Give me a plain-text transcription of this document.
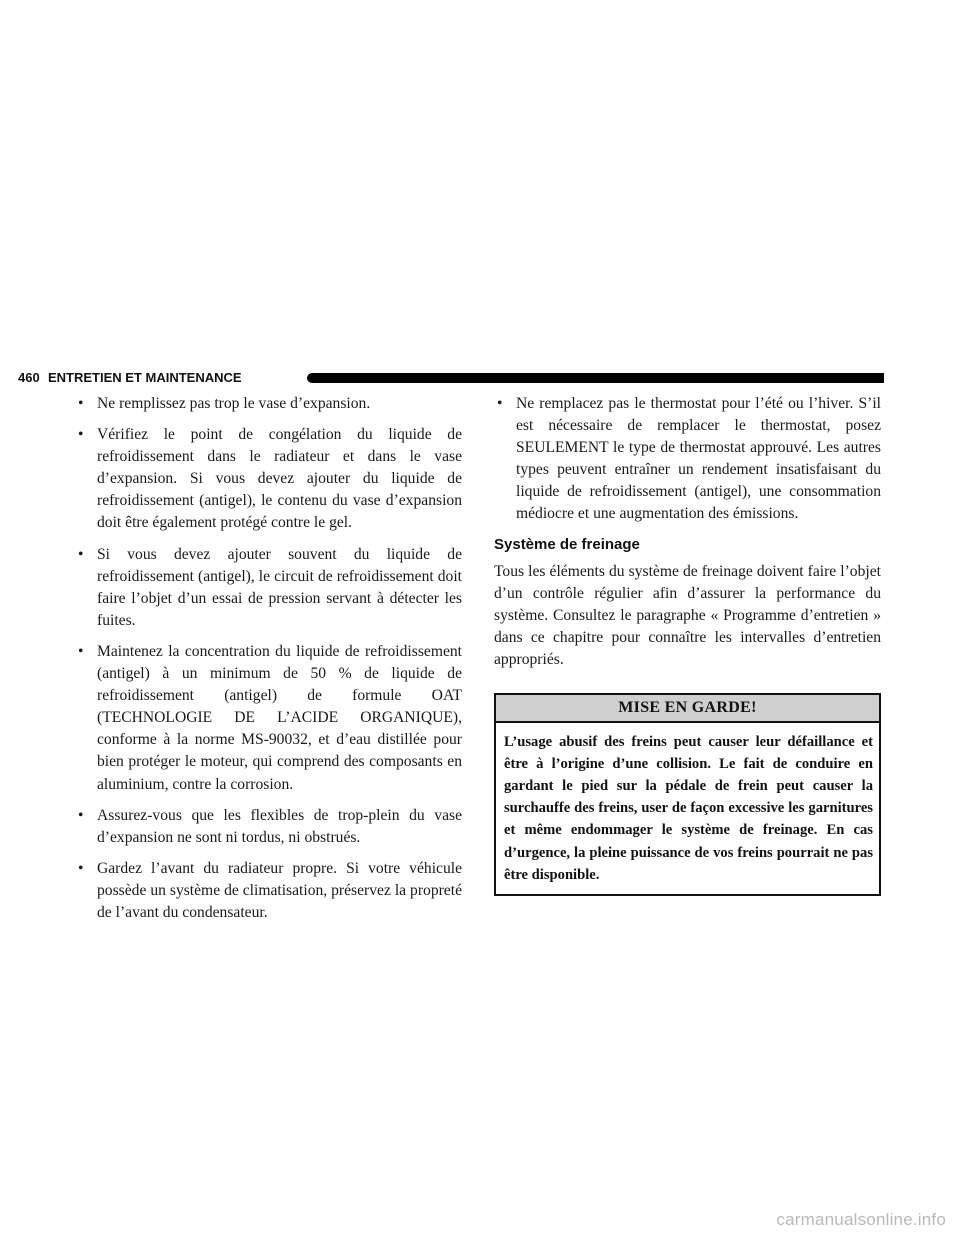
460 ENTRETIEN ET MAINTENANCE
• Ne remplissez pas trop le vase d’expansion.
• Vérifiez le point de congélation du liquide de refroidissement dans le radiateur et dans le vase d’expansion. Si vous devez ajouter du liquide de refroidissement (antigel), le contenu du vase d’expansion doit être également protégé contre le gel.
• Si vous devez ajouter souvent du liquide de refroidissement (antigel), le circuit de refroidissement doit faire l’objet d’un essai de pression servant à détecter les fuites.
• Maintenez la concentration du liquide de refroidissement (antigel) à un minimum de 50 % de liquide de refroidissement (antigel) de formule OAT (TECHNOLOGIE DE L’ACIDE ORGANIQUE), conforme à la norme MS-90032, et d’eau distillée pour bien protéger le moteur, qui comprend des composants en aluminium, contre la corrosion.
• Assurez-vous que les flexibles de trop-plein du vase d’expansion ne sont ni tordus, ni obstrués.
• Gardez l’avant du radiateur propre. Si votre véhicule possède un système de climatisation, préservez la propreté de l’avant du condensateur.
• Ne remplacez pas le thermostat pour l’été ou l’hiver. S’il est nécessaire de remplacer le thermostat, posez SEULEMENT le type de thermostat approuvé. Les autres types peuvent entraîner un rendement insatisfaisant du liquide de refroidissement (antigel), une consommation médiocre et une augmentation des émissions.
Système de freinage

Tous les éléments du système de freinage doivent faire l’objet d’un contrôle régulier afin d’assurer la performance du système. Consultez le paragraphe « Programme d’entretien » dans ce chapitre pour connaître les intervalles d’entretien appropriés.

MISE EN GARDE!
L’usage abusif des freins peut causer leur défaillance et être à l’origine d’une collision. Le fait de conduire en gardant le pied sur la pédale de frein peut causer la surchauffe des freins, user de façon excessive les garnitures et même endommager le système de freinage. En cas d’urgence, la pleine puissance de vos freins pourrait ne pas être disponible.
carmanualsonline.info
